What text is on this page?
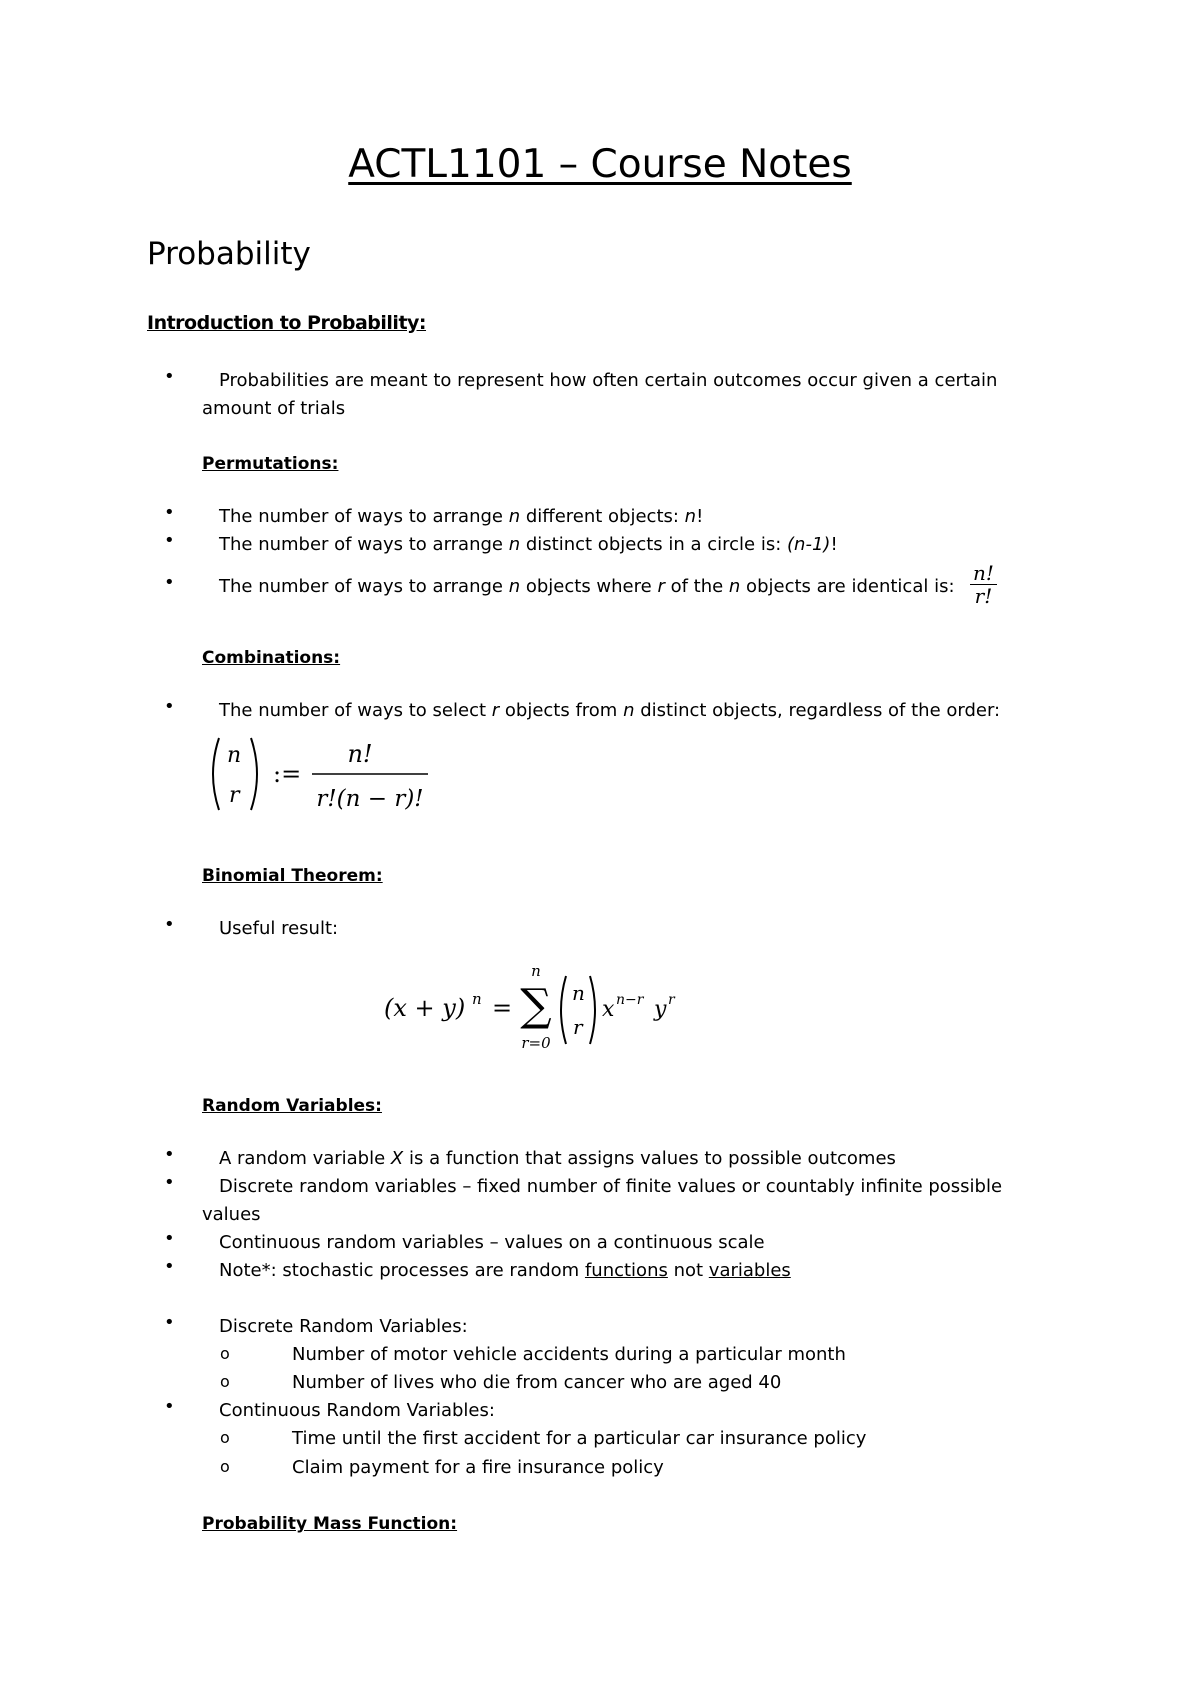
ACTL1101 – Course Notes
Probability
Introduction to Probability:
• Probabilities are meant to represent how often certain outcomes occur given a certain
amount of trials
Permutations:
• The number of ways to arrange n different objects: n!
• The number of ways to arrange n distinct objects in a circle is: (n-1)!
• The number of ways to arrange n objects where r of the n objects are identical is: $\frac{n!}{r!}$
Combinations:
• The number of ways to select r objects from n distinct objects, regardless of the order:
n
r
:=
n!
r!(n − r)!
Binomial Theorem:
• Useful result:
(x + y) n =
n
∑
r=0
n
r
x n−r y r
Random Variables:
• A random variable X is a function that assigns values to possible outcomes
• Discrete random variables – fixed number of finite values or countably infinite possible
values
• Continuous random variables – values on a continuous scale
• Note*: stochastic processes are random functions not variables
• Discrete Random Variables:
o	Number of motor vehicle accidents during a particular month
o	Number of lives who die from cancer who are aged 40
• Continuous Random Variables:
o	Time until the first accident for a particular car insurance policy
o	Claim payment for a fire insurance policy
Probability Mass Function:
